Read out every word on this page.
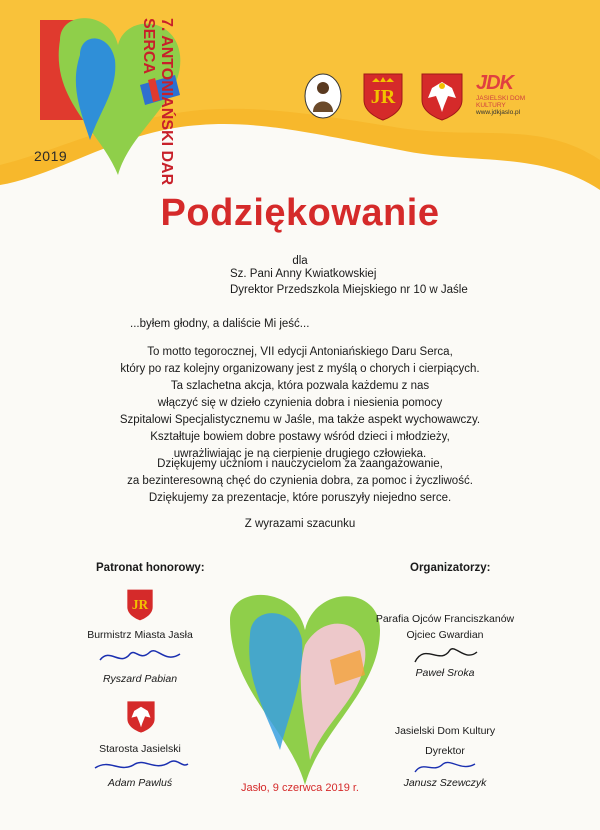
7. ANTONIAŃSKI DAR SERCA
2019
JR
JDK
JASIELSKI DOM KULTURY
www.jdkjaslo.pl
Podziękowanie
dla
Sz. Pani Anny Kwiatkowskiej
Dyrektor Przedszkola Miejskiego nr 10 w Jaśle
...byłem głodny, a daliście Mi jeść...
To motto tegorocznej, VII edycji Antoniańskiego Daru Serca,
który po raz kolejny organizowany jest z myślą o chorych i cierpiących.
Ta szlachetna akcja, która pozwala każdemu z nas
włączyć się w dzieło czynienia dobra i niesienia pomocy
Szpitalowi Specjalistycznemu w Jaśle, ma także aspekt wychowawczy.
Kształtuje bowiem dobre postawy wśród dzieci i młodzieży,
uwrażliwiając je na cierpienie drugiego człowieka.
Dziękujemy uczniom i nauczycielom za zaangażowanie,
za bezinteresowną chęć do czynienia dobra, za pomoc i życzliwość.
Dziękujemy za prezentacje, które poruszyły niejedno serce.
Z wyrazami szacunku
Patronat honorowy:
JR
Burmistrz Miasta Jasła
Ryszard Pabian
Starosta Jasielski
Adam Pawluś
Organizatorzy:
Parafia Ojców Franciszkanów
Ojciec Gwardian
Paweł Sroka
Jasielski Dom Kultury
Dyrektor
Janusz Szewczyk
Jasło, 9 czerwca 2019 r.
